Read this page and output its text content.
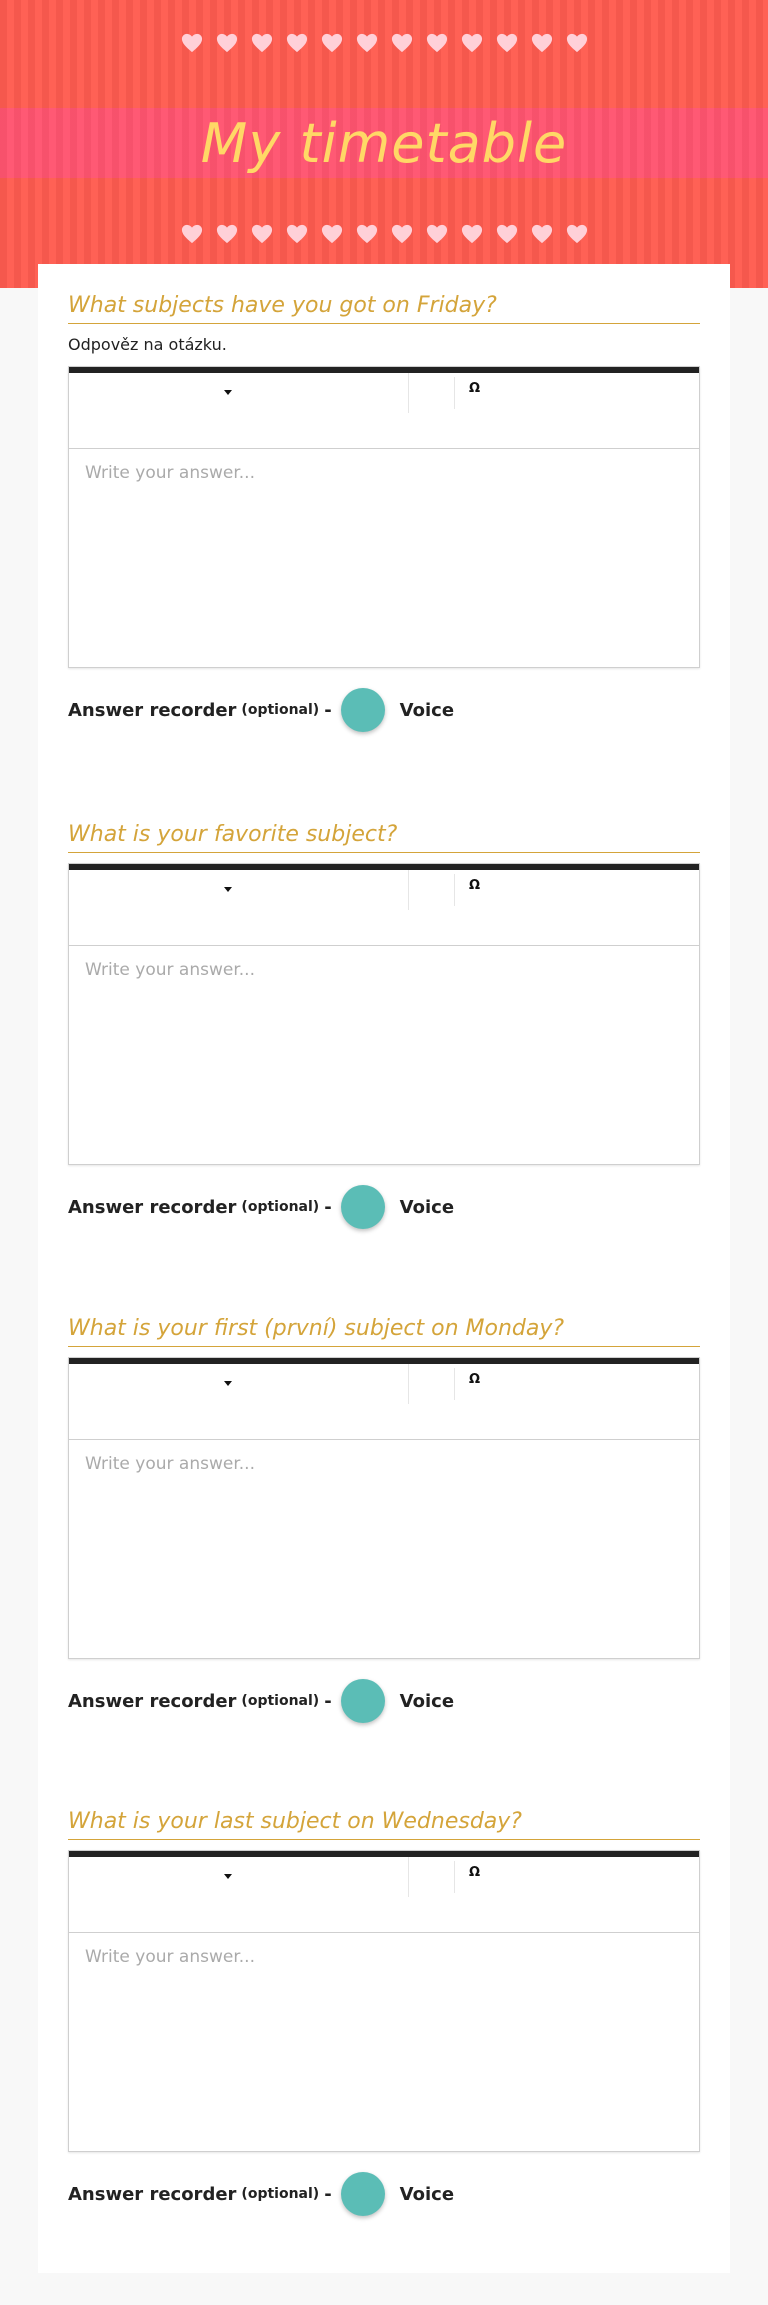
My timetable
What subjects have you got on Friday?
Odpověz na otázku.
Ω
Write your answer...
Answer recorder (optional) -	Voice
What is your favorite subject?
Ω
Write your answer...
Answer recorder (optional) -	Voice
What is your first (první) subject on Monday?
Ω
Write your answer...
Answer recorder (optional) -	Voice
What is your last subject on Wednesday?
Ω
Write your answer...
Answer recorder (optional) -	Voice
